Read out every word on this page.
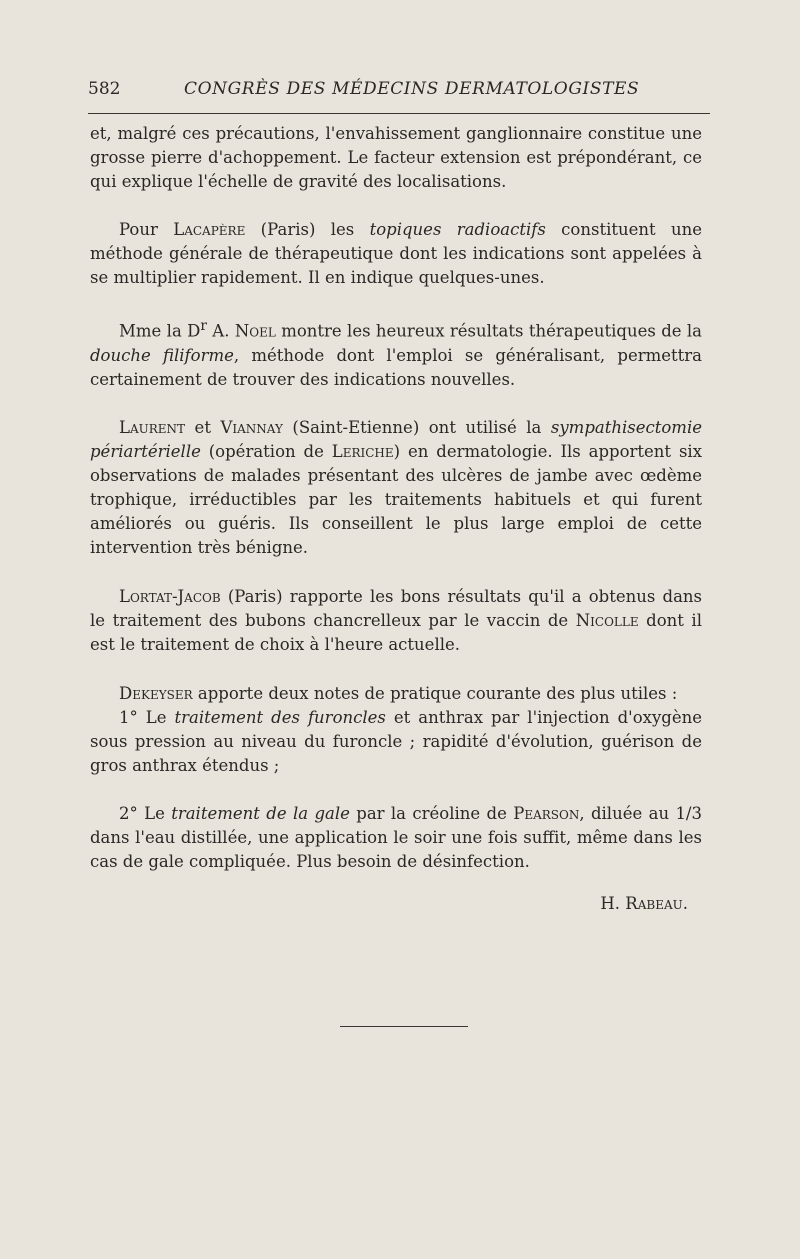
582	CONGRÈS DES MÉDECINS DERMATOLOGISTES

et, malgré ces précautions, l'envahissement ganglionnaire constitue une grosse pierre d'achoppement. Le facteur extension est prépondérant, ce qui explique l'échelle de gravité des localisations.

Pour Lacapère (Paris) les topiques radioactifs constituent une méthode générale de thérapeutique dont les indications sont appelées à se multiplier rapidement. Il en indique quelques-unes.

Mme la $D^r$ A. Noel montre les heureux résultats thérapeutiques de la douche filiforme, méthode dont l'emploi se généralisant, permettra certainement de trouver des indications nouvelles.

Laurent et Viannay (Saint-Etienne) ont utilisé la sympathisectomie périartérielle (opération de Leriche) en dermatologie. Ils apportent six observations de malades présentant des ulcères de jambe avec œdème trophique, irréductibles par les traitements habituels et qui furent améliorés ou guéris. Ils conseillent le plus large emploi de cette intervention très bénigne.

Lortat-Jacob (Paris) rapporte les bons résultats qu'il a obtenus dans le traitement des bubons chancrelleux par le vaccin de Nicolle dont il est le traitement de choix à l'heure actuelle.

Dekeyser apporte deux notes de pratique courante des plus utiles :

1° Le traitement des furoncles et anthrax par l'injection d'oxygène sous pression au niveau du furoncle ; rapidité d'évolution, guérison de gros anthrax étendus ;

2° Le traitement de la gale par la créoline de Pearson, diluée au 1/3 dans l'eau distillée, une application le soir une fois suffit, même dans les cas de gale compliquée. Plus besoin de désinfection.

H. Rabeau.
